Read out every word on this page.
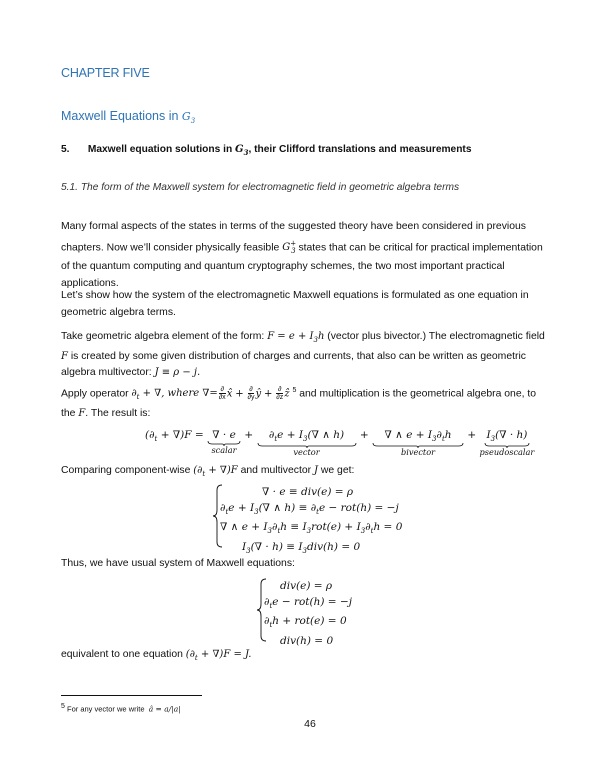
CHAPTER FIVE
Maxwell Equations in $G_3$
5. Maxwell equation solutions in $G_3$, their Clifford translations and measurements
5.1. The form of the Maxwell system for electromagnetic field in geometric algebra terms
Many formal aspects of the states in terms of the suggested theory have been considered in previous chapters. Now we’ll consider physically feasible $G^+_3$ states that can be critical for practical implementation of the quantum computing and quantum cryptography schemes, the two most important practical applications.
Let’s show how the system of the electromagnetic Maxwell equations is formulated as one equation in geometric algebra terms.
Take geometric algebra element of the form: $F = e + I_3h$ (vector plus bivector.) The electromagnetic field F is created by some given distribution of charges and currents, that also can be written as geometric algebra multivector: J ≡ ρ − j.
Apply operator $\partial_t$ + ∇, where ∇= $\frac{\partial}{\partial x}$ x̂ + $\frac{\partial}{\partial y}$ ŷ + $\frac{\partial}{\partial z}$ ẑ $^5$ and multiplication is the geometrical algebra one, to the F. The result is:
$(\partial_t + \nabla)F$ =
∇ · e
scalar
+	$\partial_te + I_3(\nabla$ ∧ h)
vector
+	∇ ∧ $e + I_3\partial_th$
bivector
+ $I_3(\nabla \cdot h)$
pseudoscalar
Comparing component-wise $(\partial_t + \nabla)F$ and multivector J we get:
∇ · e ≡ div(e) = ρ
$\partial_te + I_3(\nabla$ ∧ $h) \equiv \partial_te - rot(h) = -j$
∇ ∧ $e + I_3\partial_th \equiv I_3rot(e) + I_3\partial_th = 0$
$I_3(\nabla \cdot h) \equiv I_3div(h) = 0$
Thus, we have usual system of Maxwell equations:
div(e) = ρ
$\partial_te - rot(h) = -j$
$\partial_th + rot(e) = 0$
div(h) = 0
equivalent to one equation $(\partial_t + \nabla)F = J$.
$^5$ For any vector we write â = a/|a|
46
